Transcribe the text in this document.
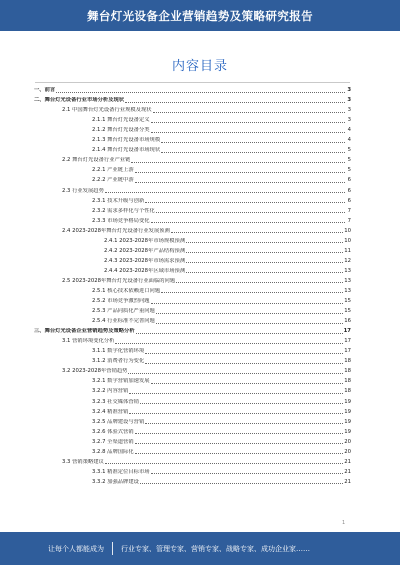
舞台灯光设备企业营销趋势及策略研究报告
内容目录
一、前言	3
二、舞台灯光设备行业市场分析及现状	3
2.1 中国舞台灯光设备行业规模及现状	3
2.1.1 舞台灯光设备定义	3
2.1.2 舞台灯光设备分类	4
2.1.3 舞台灯光设备市场规模	4
2.1.4 舞台灯光设备市场现状	5
2.2 舞台灯光设备行业产业链	5
2.2.1 产业链上游	5
2.2.2 产业链中游	6
2.3 行业发展趋势	6
2.3.1 技术升级与创新	6
2.3.2 需求多样化与个性化	7
2.3.3 市场竞争格局变化	7
2.4 2023-2028年舞台灯光设备行业发展预测	10
2.4.1 2023-2028年市场规模预测	10
2.4.2 2023-2028年产品结构预测	11
2.4.3 2023-2028年市场需求预测	12
2.4.4 2023-2028年区域市场预测	13
2.5 2023-2028年舞台灯光设备行业面临的问题	13
2.5.1 核心技术依赖进口问题	13
2.5.2 市场竞争激烈问题	15
2.5.3 产品同质化严重问题	15
2.5.4 行业标准不完善问题	16
三、舞台灯光设备企业营销趋势及策略分析	17
3.1 营销环境变化分析	17
3.1.1 数字化营销环境	17
3.1.2 消费者行为变化	18
3.2 2023-2028年营销趋势	18
3.2.1 数字营销加速发展	18
3.2.2 内容营销	18
3.2.3 社交媒体营销	19
3.2.4 精准营销	19
3.2.5 品牌建设与营销	19
3.2.6 体验式营销	19
3.2.7 全渠道营销	20
3.2.8 品牌国际化	20
3.3 营销策略建议	21
3.3.1 精准定位目标市场	21
3.3.2 加强品牌建设	21
1
让每个人都能成为 行业专家、管理专家、营销专家、战略专家、成功企业家……
